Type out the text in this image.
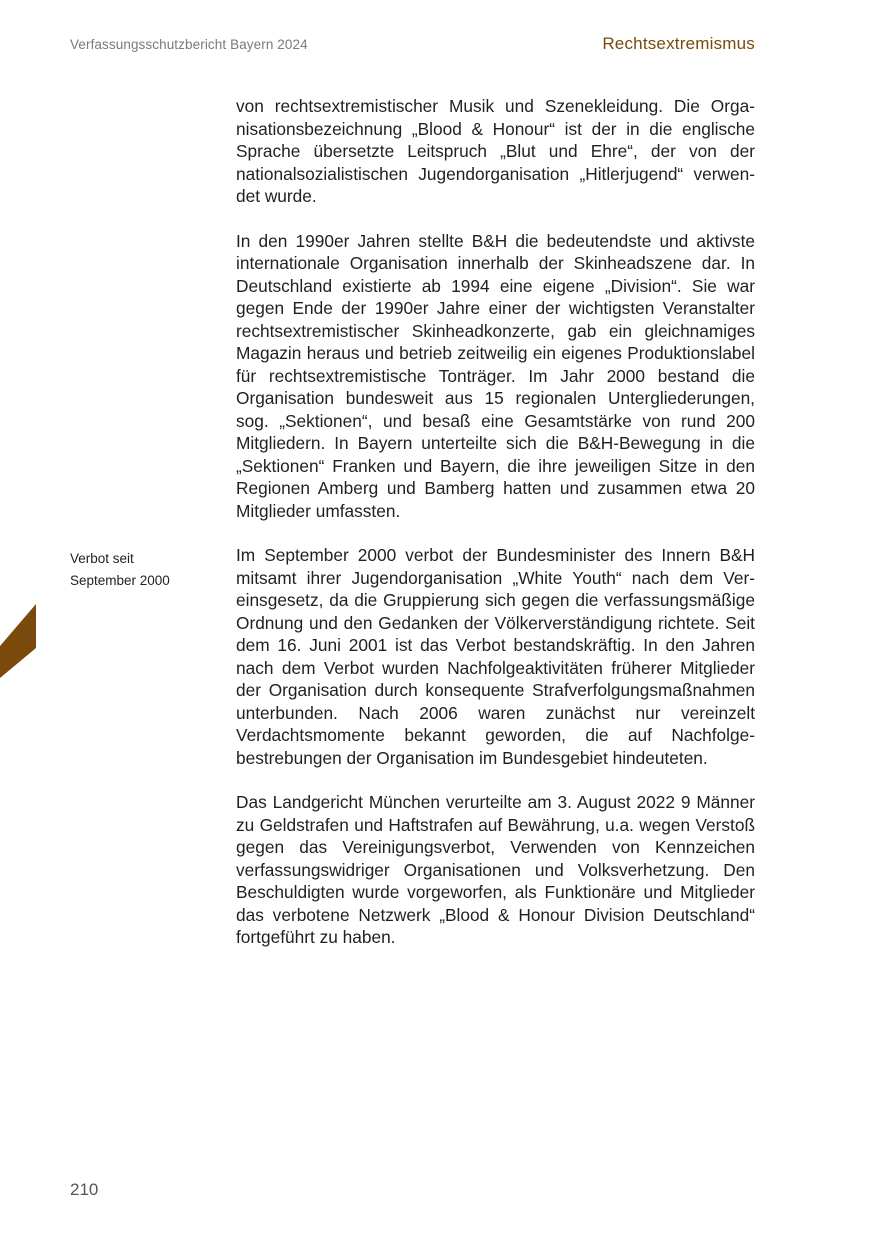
Verfassungsschutzbericht Bayern 2024	Rechtsextremismus
Verbot seit
September 2000

von rechtsextremistischer Musik und Szenekleidung. Die Organisationsbezeichnung „Blood & Honour“ ist der in die englische Sprache übersetzte Leitspruch „Blut und Ehre“, der von der nationalsozialistischen Jugendorganisation „Hitlerjugend“ verwendet wurde.

In den 1990er Jahren stellte B&H die bedeutendste und aktivste internationale Organisation innerhalb der Skinheadszene dar. In Deutschland existierte ab 1994 eine eigene „Division“. Sie war gegen Ende der 1990er Jahre einer der wichtigsten Veranstalter rechtsextremistischer Skinheadkonzerte, gab ein gleichnamiges Magazin heraus und betrieb zeitweilig ein eigenes Produktionslabel für rechtsextremistische Tonträger. Im Jahr 2000 bestand die Organisation bundesweit aus 15 regionalen Untergliederungen, sog. „Sektionen“, und besaß eine Gesamtstärke von rund 200 Mitgliedern. In Bayern unterteilte sich die B&H-Bewegung in die „Sektionen“ Franken und Bayern, die ihre jeweiligen Sitze in den Regionen Amberg und Bamberg hatten und zusammen etwa 20 Mitglieder umfassten.

Im September 2000 verbot der Bundesminister des Innern B&H mitsamt ihrer Jugendorganisation „White Youth“ nach dem Vereinsgesetz, da die Gruppierung sich gegen die verfassungsmäßige Ordnung und den Gedanken der Völkerverständigung richtete. Seit dem 16. Juni 2001 ist das Verbot bestandskräftig. In den Jahren nach dem Verbot wurden Nachfolgeaktivitäten früherer Mitglieder der Organisation durch konsequente Strafverfolgungsmaßnahmen unterbunden. Nach 2006 waren zunächst nur vereinzelt Verdachtsmomente bekannt geworden, die auf Nachfolgebestrebungen der Organisation im Bundesgebiet hindeuteten.

Das Landgericht München verurteilte am 3. August 2022 9 Männer zu Geldstrafen und Haftstrafen auf Bewährung, u.a. wegen Verstoß gegen das Vereinigungsverbot, Verwenden von Kennzeichen verfassungswidriger Organisationen und Volksverhetzung. Den Beschuldigten wurde vorgeworfen, als Funktionäre und Mitglieder das verbotene Netzwerk „Blood & Honour Division Deutschland“ fortgeführt zu haben.

210
